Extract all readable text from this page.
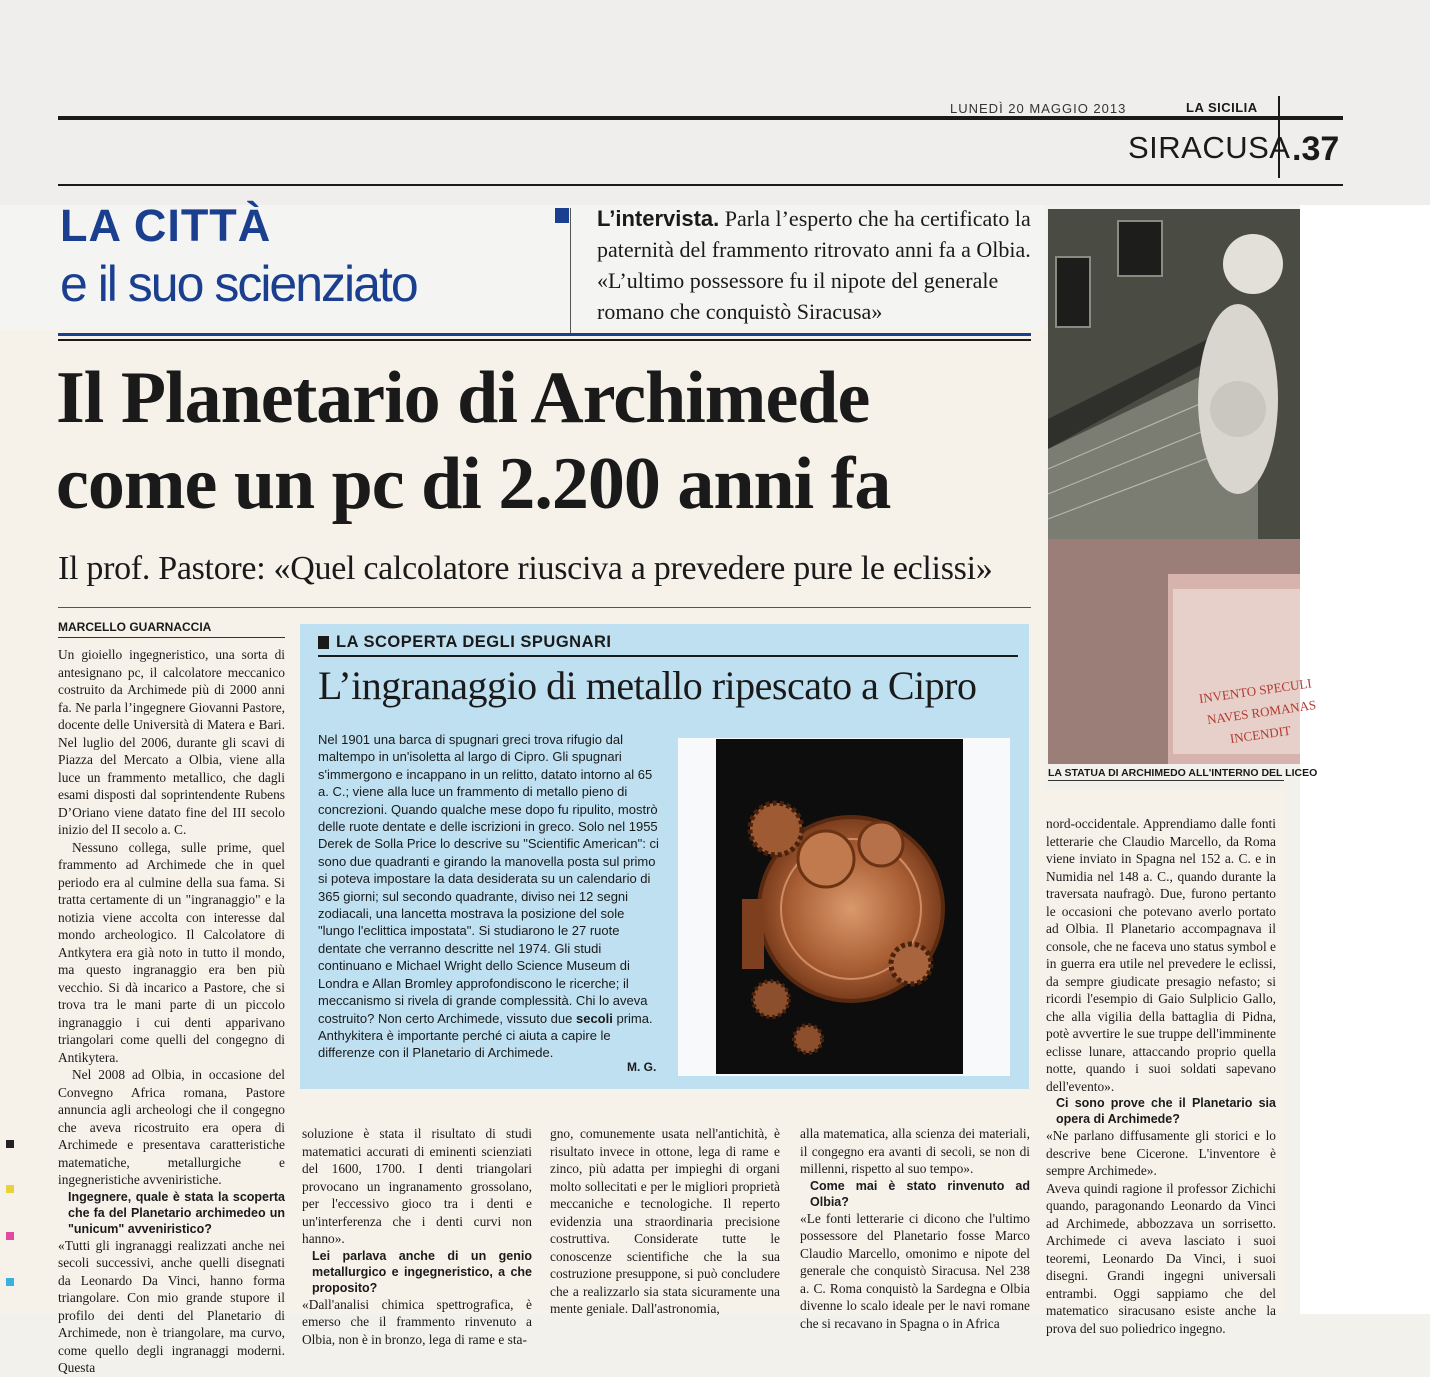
LUNEDÌ 20 MAGGIO 2013	LA SICILIA
SIRACUSA .37
LA CITTÀ
e il suo scienziato
L’intervista. Parla l’esperto che ha certificato la paternità del frammento ritrovato anni fa a Olbia. «L’ultimo possessore fu il nipote del generale romano che conquistò Siracusa»
Il Planetario di Archimede
come un pc di 2.200 anni fa
Il prof. Pastore: «Quel calcolatore riusciva a prevedere pure le eclissi»
MARCELLO GUARNACCIA

Un gioiello ingegneristico, una sorta di antesignano pc, il calcolatore meccanico costruito da Archimede più di 2000 anni fa. Ne parla l’ingegnere Giovanni Pastore, docente delle Università di Matera e Bari. Nel luglio del 2006, durante gli scavi di Piazza del Mercato a Olbia, viene alla luce un frammento metallico, che dagli esami disposti dal soprintendente Rubens D’Oriano viene datato fine del III secolo inizio del II secolo a. C.

Nessuno collega, sulle prime, quel frammento ad Archimede che in quel periodo era al culmine della sua fama. Si tratta certamente di un "ingranaggio" e la notizia viene accolta con interesse dal mondo archeologico. Il Calcolatore di Antkytera era già noto in tutto il mondo, ma questo ingranaggio era ben più vecchio. Si dà incarico a Pastore, che si trova tra le mani parte di un piccolo ingranaggio i cui denti apparivano triangolari come quelli del congegno di Antikytera.

Nel 2008 ad Olbia, in occasione del Convegno Africa romana, Pastore annuncia agli archeologi che il congegno che aveva ricostruito era opera di Archimede e presentava caratteristiche matematiche, metallurgiche e ingegneristiche avveniristiche.

Ingegnere, quale è stata la scoperta che fa del Planetario archimedeo un "unicum" avveniristico?

«Tutti gli ingranaggi realizzati anche nei secoli successivi, anche quelli disegnati da Leonardo Da Vinci, hanno forma triangolare. Con mio grande stupore il profilo dei denti del Planetario di Archimede, non è triangolare, ma curvo, come quello degli ingranaggi moderni. Questa

LA SCOPERTA DEGLI SPUGNARI
L’ingranaggio di metallo ripescato a Cipro
Nel 1901 una barca di spugnari greci trova rifugio dal maltempo in un'isoletta al largo di Cipro. Gli spugnari s'immergono e incappano in un relitto, datato intorno al 65 a. C.; viene alla luce un frammento di metallo pieno di concrezioni. Quando qualche mese dopo fu ripulito, mostrò delle ruote dentate e delle iscrizioni in greco. Solo nel 1955 Derek de Solla Price lo descrive su "Scientific American": ci sono due quadranti e girando la manovella posta sul primo si poteva impostare la data desiderata su un calendario di 365 giorni; sul secondo quadrante, diviso nei 12 segni zodiacali, una lancetta mostrava la posizione del sole "lungo l'eclittica impostata". Si studiarono le 27 ruote dentate che verranno descritte nel 1974. Gli studi continuano e Michael Wright dello Science Museum di Londra e Allan Bromley approfondiscono le ricerche; il meccanismo si rivela di grande complessità. Chi lo aveva costruito? Non certo Archimede, vissuto due secoli prima. Anthykitera è importante perché ci aiuta a capire le differenze con il Planetario di Archimede.
M. G.
INVENTO SPECULI
NAVES ROMANAS
INCENDIT
LA STATUA DI ARCHIMEDO ALL'INTERNO DEL LICEO

soluzione è stata il risultato di studi matematici accurati di eminenti scienziati del 1600, 1700. I denti triangolari provocano un ingranamento grossolano, per l'eccessivo gioco tra i denti e un'interferenza che i denti curvi non hanno».

Lei parlava anche di un genio metallurgico e ingegneristico, a che proposito?

«Dall'analisi chimica spettrografica, è emerso che il frammento rinvenuto a Olbia, non è in bronzo, lega di rame e sta-

gno, comunemente usata nell'antichità, è risultato invece in ottone, lega di rame e zinco, più adatta per impieghi di organi molto sollecitati e per le migliori proprietà meccaniche e tecnologiche. Il reperto evidenzia una straordinaria precisione costruttiva. Considerate tutte le conoscenze scientifiche che la sua costruzione presuppone, si può concludere che a realizzarlo sia stata sicuramente una mente geniale. Dall'astronomia,

alla matematica, alla scienza dei materiali, il congegno era avanti di secoli, se non di millenni, rispetto al suo tempo».

Come mai è stato rinvenuto ad Olbia?

«Le fonti letterarie ci dicono che l'ultimo possessore del Planetario fosse Marco Claudio Marcello, omonimo e nipote del generale che conquistò Siracusa. Nel 238 a. C. Roma conquistò la Sardegna e Olbia divenne lo scalo ideale per le navi romane che si recavano in Spagna o in Africa

nord-occidentale. Apprendiamo dalle fonti letterarie che Claudio Marcello, da Roma viene inviato in Spagna nel 152 a. C. e in Numidia nel 148 a. C., quando durante la traversata naufragò. Due, furono pertanto le occasioni che potevano averlo portato ad Olbia. Il Planetario accompagnava il console, che ne faceva uno status symbol e in guerra era utile nel prevedere le eclissi, da sempre giudicate presagio nefasto; si ricordi l'esempio di Gaio Sulplicio Gallo, che alla vigilia della battaglia di Pidna, potè avvertire le sue truppe dell'imminente eclisse lunare, attaccando proprio quella notte, quando i suoi soldati sapevano dell'evento».

Ci sono prove che il Planetario sia opera di Archimede?

«Ne parlano diffusamente gli storici e lo descrive bene Cicerone. L'inventore è sempre Archimede».

Aveva quindi ragione il professor Zichichi quando, paragonando Leonardo da Vinci ad Archimede, abbozzava un sorrisetto. Archimede ci aveva lasciato i suoi teoremi, Leonardo Da Vinci, i suoi disegni. Grandi ingegni universali entrambi. Oggi sappiamo che del matematico siracusano esiste anche la prova del suo poliedrico ingegno.
